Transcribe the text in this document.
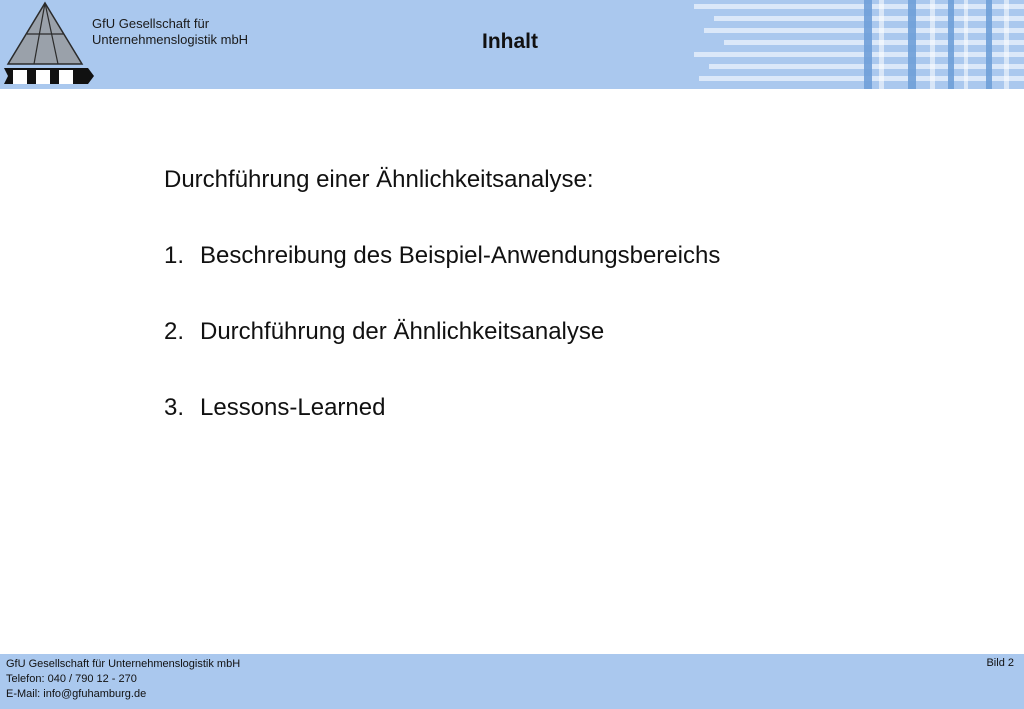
GfU Gesellschaft für
Unternehmenslogistik mbH	Inhalt
Durchführung einer Ähnlichkeitsanalyse:
1. Beschreibung des Beispiel-Anwendungsbereichs
2. Durchführung der Ähnlichkeitsanalyse
3. Lessons-Learned
GfU Gesellschaft für Unternehmenslogistik mbH
Telefon: 040 / 790 12 - 270
E-Mail: info@gfuhamburg.de
Bild 2
